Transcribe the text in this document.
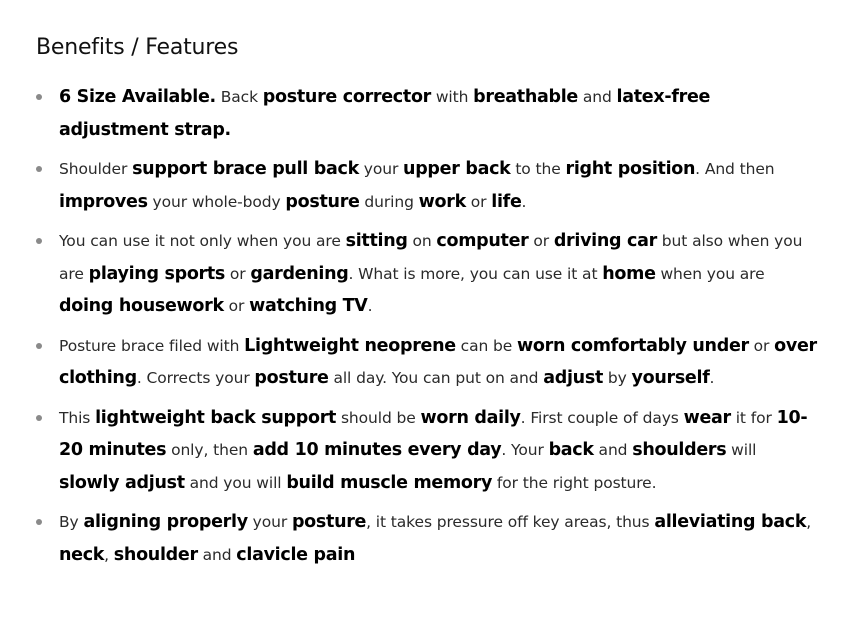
Benefits / Features
6 Size Available. Back posture corrector with breathable and latex-free adjustment strap.
Shoulder support brace pull back your upper back to the right position. And then improves your whole-body posture during work or life.
You can use it not only when you are sitting on computer or driving car but also when you are playing sports or gardening. What is more, you can use it at home when you are doing housework or watching TV.
Posture brace filed with Lightweight neoprene can be worn comfortably under or over clothing. Corrects your posture all day. You can put on and adjust by yourself.
This lightweight back support should be worn daily. First couple of days wear it for 10-20 minutes only, then add 10 minutes every day. Your back and shoulders will slowly adjust and you will build muscle memory for the right posture.
By aligning properly your posture, it takes pressure off key areas, thus alleviating back, neck, shoulder and clavicle pain
